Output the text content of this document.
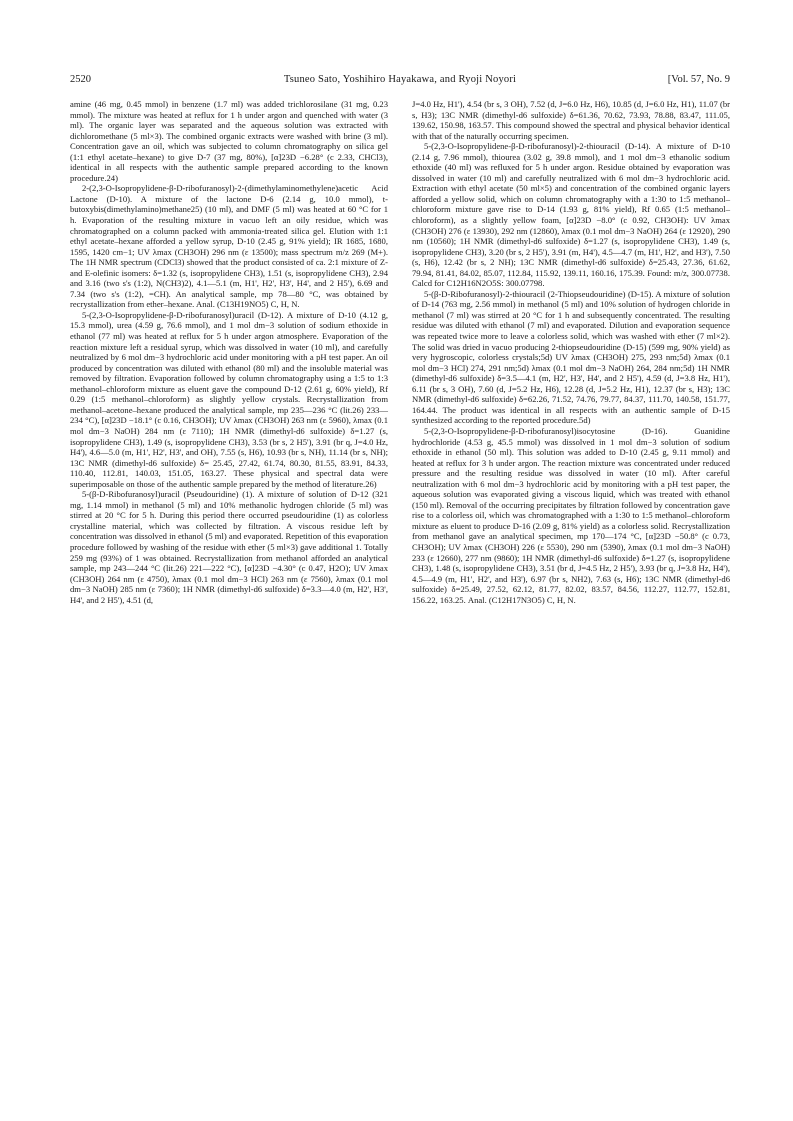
2520	Tsuneo Sato, Yoshihiro Hayakawa, and Ryoji Noyori	[Vol. 57, No. 9

amine (46 mg, 0.45 mmol) in benzene (1.7 ml) was added trichlorosilane (31 mg, 0.23 mmol). The mixture was heated at reflux for 1 h under argon and quenched with water (3 ml). The organic layer was separated and the aqueous solution was extracted with dichloromethane (5 ml×3). The combined organic extracts were washed with brine (3 ml). Concentration gave an oil, which was subjected to column chromatography on silica gel (1:1 ethyl acetate–hexane) to give D-7 (37 mg, 80%), [α]23D −6.28° (c 2.33, CHCl3), identical in all respects with the authentic sample prepared according to the known procedure.24)

2-(2,3-O-Isopropylidene-β-D-ribofuranosyl)-2-(dimethylaminomethylene)acetic Acid Lactone (D-10). A mixture of the lactone D-6 (2.14 g, 10.0 mmol), t-butoxybis(dimethylamino)methane25) (10 ml), and DMF (5 ml) was heated at 60 °C for 1 h. Evaporation of the resulting mixture in vacuo left an oily residue, which was chromatographed on a column packed with ammonia-treated silica gel. Elution with 1:1 ethyl acetate–hexane afforded a yellow syrup, D-10 (2.45 g, 91% yield); IR 1685, 1680, 1595, 1420 cm−1; UV λmax (CH3OH) 296 nm (ε 13500); mass spectrum m/z 269 (M+). The 1H NMR spectrum (CDCl3) showed that the product consisted of ca. 2:1 mixture of Z- and E-olefinic isomers: δ=1.32 (s, isopropylidene CH3), 1.51 (s, isopropylidene CH3), 2.94 and 3.16 (two s's (1:2), N(CH3)2), 4.1—5.1 (m, H1', H2', H3', H4', and 2 H5'), 6.69 and 7.34 (two s's (1:2), =CH). An analytical sample, mp 78—80 °C, was obtained by recrystallization from ether–hexane. Anal. (C13H19NO5) C, H, N.

5-(2,3-O-Isopropylidene-β-D-ribofuranosyl)uracil (D-12). A mixture of D-10 (4.12 g, 15.3 mmol), urea (4.59 g, 76.6 mmol), and 1 mol dm−3 solution of sodium ethoxide in ethanol (77 ml) was heated at reflux for 5 h under argon atmosphere. Evaporation of the reaction mixture left a residual syrup, which was dissolved in water (10 ml), and carefully neutralized by 6 mol dm−3 hydrochloric acid under monitoring with a pH test paper. An oil produced by concentration was diluted with ethanol (80 ml) and the insoluble material was removed by filtration. Evaporation followed by column chromatography using a 1:5 to 1:3 methanol–chloroform mixture as eluent gave the compound D-12 (2.61 g, 60% yield), Rf 0.29 (1:5 methanol–chloroform) as slightly yellow crystals. Recrystallization from methanol–acetone–hexane produced the analytical sample, mp 235—236 °C (lit.26) 233—234 °C), [α]23D −18.1° (c 0.16, CH3OH); UV λmax (CH3OH) 263 nm (ε 5960), λmax (0.1 mol dm−3 NaOH) 284 nm (ε 7110); 1H NMR (dimethyl-d6 sulfoxide) δ=1.27 (s, isopropylidene CH3), 1.49 (s, isopropylidene CH3), 3.53 (br s, 2 H5'), 3.91 (br q, J=4.0 Hz, H4'), 4.6—5.0 (m, H1', H2', H3', and OH), 7.55 (s, H6), 10.93 (br s, NH), 11.14 (br s, NH); 13C NMR (dimethyl-d6 sulfoxide) δ= 25.45, 27.42, 61.74, 80.30, 81.55, 83.91, 84.33, 110.40, 112.81, 140.03, 151.05, 163.27. These physical and spectral data were superimposable on those of the authentic sample prepared by the method of literature.26)

5-(β-D-Ribofuranosyl)uracil (Pseudouridine) (1). A mixture of solution of D-12 (321 mg, 1.14 mmol) in methanol (5 ml) and 10% methanolic hydrogen chloride (5 ml) was stirred at 20 °C for 5 h. During this period there occurred pseudouridine (1) as colorless crystalline material, which was collected by filtration. A viscous residue left by concentration was dissolved in ethanol (5 ml) and evaporated. Repetition of this evaporation procedure followed by washing of the residue with ether (5 ml×3) gave additional 1. Totally 259 mg (93%) of 1 was obtained. Recrystallization from methanol afforded an analytical sample, mp 243—244 °C (lit.26) 221—222 °C), [α]23D −4.30° (c 0.47, H2O); UV λmax (CH3OH) 264 nm (ε 4750), λmax (0.1 mol dm−3 HCl) 263 nm (ε 7560), λmax (0.1 mol dm−3 NaOH) 285 nm (ε 7360); 1H NMR (dimethyl-d6 sulfoxide) δ=3.3—4.0 (m, H2', H3', H4', and 2 H5'), 4.51 (d,

J=4.0 Hz, H1'), 4.54 (br s, 3 OH), 7.52 (d, J=6.0 Hz, H6), 10.85 (d, J=6.0 Hz, H1), 11.07 (br s, H3); 13C NMR (dimethyl-d6 sulfoxide) δ=61.36, 70.62, 73.93, 78.88, 83.47, 111.05, 139.62, 150.98, 163.57. This compound showed the spectral and physical behavior identical with that of the naturally occurring specimen.

5-(2,3-O-Isopropylidene-β-D-ribofuranosyl)-2-thiouracil (D-14). A mixture of D-10 (2.14 g, 7.96 mmol), thiourea (3.02 g, 39.8 mmol), and 1 mol dm−3 ethanolic sodium ethoxide (40 ml) was refluxed for 5 h under argon. Residue obtained by evaporation was dissolved in water (10 ml) and carefully neutralized with 6 mol dm−3 hydrochloric acid. Extraction with ethyl acetate (50 ml×5) and concentration of the combined organic layers afforded a yellow solid, which on column chromatography with a 1:30 to 1:5 methanol–chloroform mixture gave rise to D-14 (1.93 g, 81% yield), Rf 0.65 (1:5 methanol–chloroform), as a slightly yellow foam, [α]23D −8.0° (c 0.92, CH3OH): UV λmax (CH3OH) 276 (ε 13930), 292 nm (12860), λmax (0.1 mol dm−3 NaOH) 264 (ε 12920), 290 nm (10560); 1H NMR (dimethyl-d6 sulfoxide) δ=1.27 (s, isopropylidene CH3), 1.49 (s, isopropylidene CH3), 3.20 (br s, 2 H5'), 3.91 (m, H4'), 4.5—4.7 (m, H1', H2', and H3'), 7.50 (s, H6), 12.42 (br s, 2 NH); 13C NMR (dimethyl-d6 sulfoxide) δ=25.43, 27.36, 61.62, 79.94, 81.41, 84.02, 85.07, 112.84, 115.92, 139.11, 160.16, 175.39. Found: m/z, 300.07738. Calcd for C12H16N2O5S: 300.07798.

5-(β-D-Ribofuranosyl)-2-thiouracil (2-Thiopseudouridine) (D-15). A mixture of solution of D-14 (763 mg, 2.56 mmol) in methanol (5 ml) and 10% solution of hydrogen chloride in methanol (7 ml) was stirred at 20 °C for 1 h and subsequently concentrated. The resulting residue was diluted with ethanol (7 ml) and evaporated. Dilution and evaporation sequence was repeated twice more to leave a colorless solid, which was washed with ether (7 ml×2). The solid was dried in vacuo producing 2-thiopseudouridine (D-15) (599 mg, 90% yield) as very hygroscopic, colorless crystals;5d) UV λmax (CH3OH) 275, 293 nm;5d) λmax (0.1 mol dm−3 HCl) 274, 291 nm;5d) λmax (0.1 mol dm−3 NaOH) 264, 284 nm;5d) 1H NMR (dimethyl-d6 sulfoxide) δ=3.5—4.1 (m, H2', H3', H4', and 2 H5'), 4.59 (d, J=3.8 Hz, H1'), 6.11 (br s, 3 OH), 7.60 (d, J=5.2 Hz, H6), 12.28 (d, J=5.2 Hz, H1), 12.37 (br s, H3); 13C NMR (dimethyl-d6 sulfoxide) δ=62.26, 71.52, 74.76, 79.77, 84.37, 111.70, 140.58, 151.77, 164.44. The product was identical in all respects with an authentic sample of D-15 synthesized according to the reported procedure.5d)

5-(2,3-O-Isopropylidene-β-D-ribofuranosyl)isocytosine (D-16). Guanidine hydrochloride (4.53 g, 45.5 mmol) was dissolved in 1 mol dm−3 solution of sodium ethoxide in ethanol (50 ml). This solution was added to D-10 (2.45 g, 9.11 mmol) and heated at reflux for 3 h under argon. The reaction mixture was concentrated under reduced pressure and the resulting residue was dissolved in water (10 ml). After careful neutralization with 6 mol dm−3 hydrochloric acid by monitoring with a pH test paper, the aqueous solution was evaporated giving a viscous liquid, which was treated with ethanol (150 ml). Removal of the occurring precipitates by filtration followed by concentration gave rise to a colorless oil, which was chromatographed with a 1:30 to 1:5 methanol–chloroform mixture as eluent to produce D-16 (2.09 g, 81% yield) as a colorless solid. Recrystallization from methanol gave an analytical specimen, mp 170—174 °C, [α]23D −50.8° (c 0.73, CH3OH); UV λmax (CH3OH) 226 (ε 5530), 290 nm (5390), λmax (0.1 mol dm−3 NaOH) 233 (ε 12660), 277 nm (9860); 1H NMR (dimethyl-d6 sulfoxide) δ=1.27 (s, isopropylidene CH3), 1.48 (s, isopropylidene CH3), 3.51 (br d, J=4.5 Hz, 2 H5'), 3.93 (br q, J=3.8 Hz, H4'), 4.5—4.9 (m, H1', H2', and H3'), 6.97 (br s, NH2), 7.63 (s, H6); 13C NMR (dimethyl-d6 sulfoxide) δ=25.49, 27.52, 62.12, 81.77, 82.02, 83.57, 84.56, 112.27, 112.77, 152.81, 156.22, 163.25. Anal. (C12H17N3O5) C, H, N.
